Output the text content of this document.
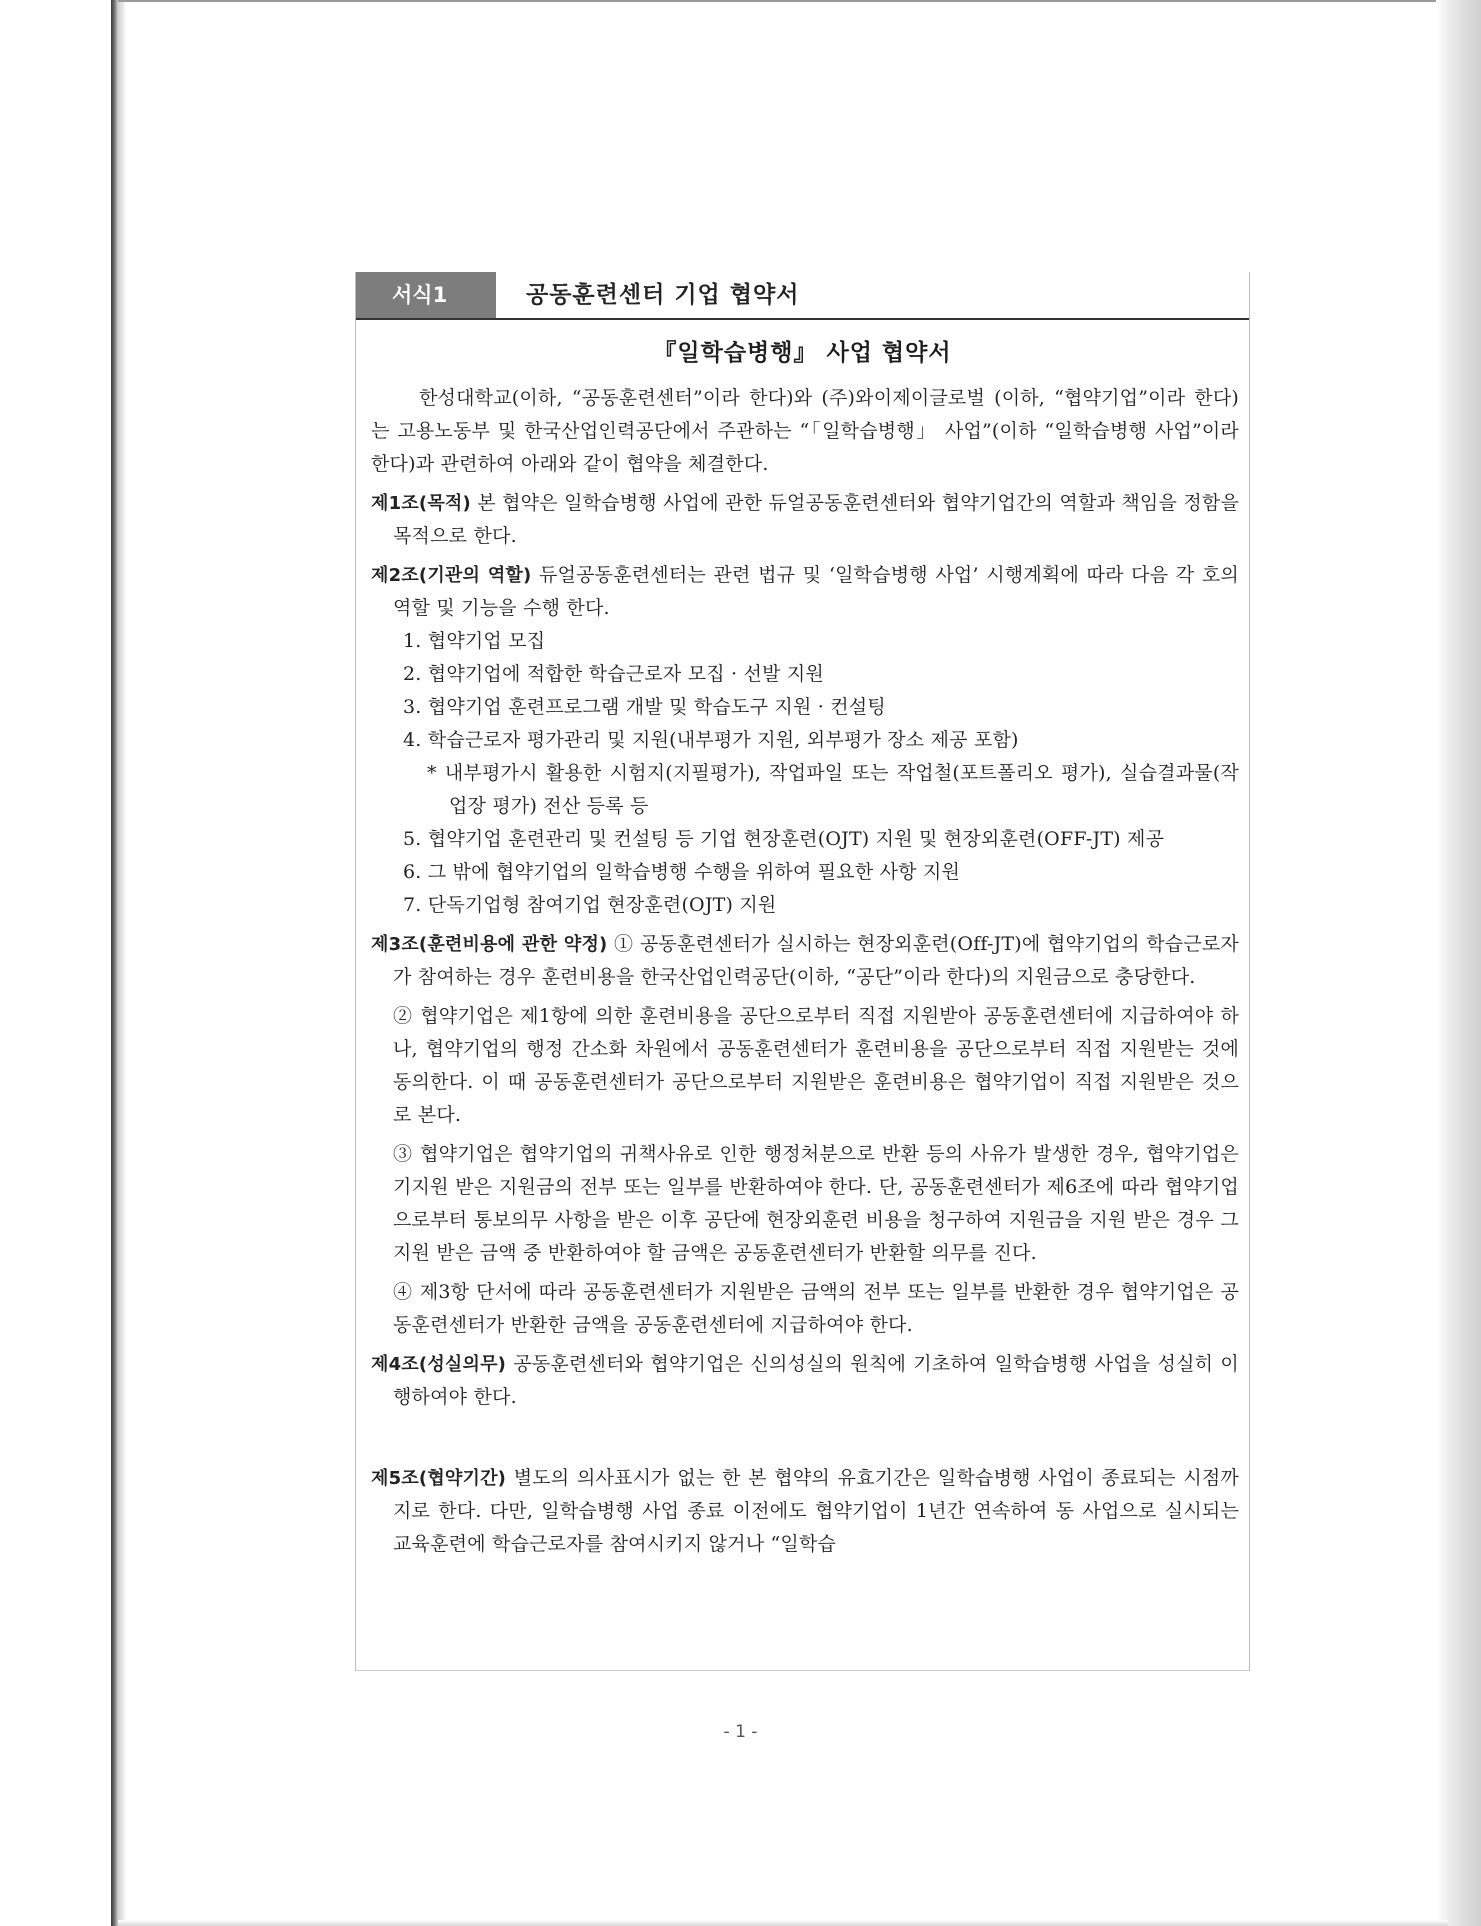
서식1	공동훈련센터 기업 협약서
『일학습병행』 사업 협약서

한성대학교(이하, “공동훈련센터”이라 한다)와 (주)와이제이글로벌 (이하, “협약기업”이라 한다)는 고용노동부 및 한국산업인력공단에서 주관하는 “「일학습병행」 사업”(이하 “일학습병행 사업”이라 한다)과 관련하여 아래와 같이 협약을 체결한다.

제1조(목적) 본 협약은 일학습병행 사업에 관한 듀얼공동훈련센터와 협약기업간의 역할과 책임을 정함을 목적으로 한다.

제2조(기관의 역할) 듀얼공동훈련센터는 관련 법규 및 ‘일학습병행 사업’ 시행계획에 따라 다음 각 호의 역할 및 기능을 수행 한다.

1. 협약기업 모집
2. 협약기업에 적합한 학습근로자 모집 · 선발 지원
3. 협약기업 훈련프로그램 개발 및 학습도구 지원 · 컨설팅
4. 학습근로자 평가관리 및 지원(내부평가 지원, 외부평가 장소 제공 포함)
* 내부평가시 활용한 시험지(지필평가), 작업파일 또는 작업철(포트폴리오 평가), 실습결과물(작업장 평가) 전산 등록 등
5. 협약기업 훈련관리 및 컨설팅 등 기업 현장훈련(OJT) 지원 및 현장외훈련(OFF-JT) 제공
6. 그 밖에 협약기업의 일학습병행 수행을 위하여 필요한 사항 지원
7. 단독기업형 참여기업 현장훈련(OJT) 지원

제3조(훈련비용에 관한 약정) ① 공동훈련센터가 실시하는 현장외훈련(Off-JT)에 협약기업의 학습근로자가 참여하는 경우 훈련비용을 한국산업인력공단(이하, “공단”이라 한다)의 지원금으로 충당한다.

② 협약기업은 제1항에 의한 훈련비용을 공단으로부터 직접 지원받아 공동훈련센터에 지급하여야 하나, 협약기업의 행정 간소화 차원에서 공동훈련센터가 훈련비용을 공단으로부터 직접 지원받는 것에 동의한다. 이 때 공동훈련센터가 공단으로부터 지원받은 훈련비용은 협약기업이 직접 지원받은 것으로 본다.

③ 협약기업은 협약기업의 귀책사유로 인한 행정처분으로 반환 등의 사유가 발생한 경우, 협약기업은 기지원 받은 지원금의 전부 또는 일부를 반환하여야 한다. 단, 공동훈련센터가 제6조에 따라 협약기업으로부터 통보의무 사항을 받은 이후 공단에 현장외훈련 비용을 청구하여 지원금을 지원 받은 경우 그 지원 받은 금액 중 반환하여야 할 금액은 공동훈련센터가 반환할 의무를 진다.

④ 제3항 단서에 따라 공동훈련센터가 지원받은 금액의 전부 또는 일부를 반환한 경우 협약기업은 공동훈련센터가 반환한 금액을 공동훈련센터에 지급하여야 한다.

제4조(성실의무) 공동훈련센터와 협약기업은 신의성실의 원칙에 기초하여 일학습병행 사업을 성실히 이행하여야 한다.

제5조(협약기간) 별도의 의사표시가 없는 한 본 협약의 유효기간은 일학습병행 사업이 종료되는 시점까지로 한다. 다만, 일학습병행 사업 종료 이전에도 협약기업이 1년간 연속하여 동 사업으로 실시되는 교육훈련에 학습근로자를 참여시키지 않거나 “일학습

- 1 -
